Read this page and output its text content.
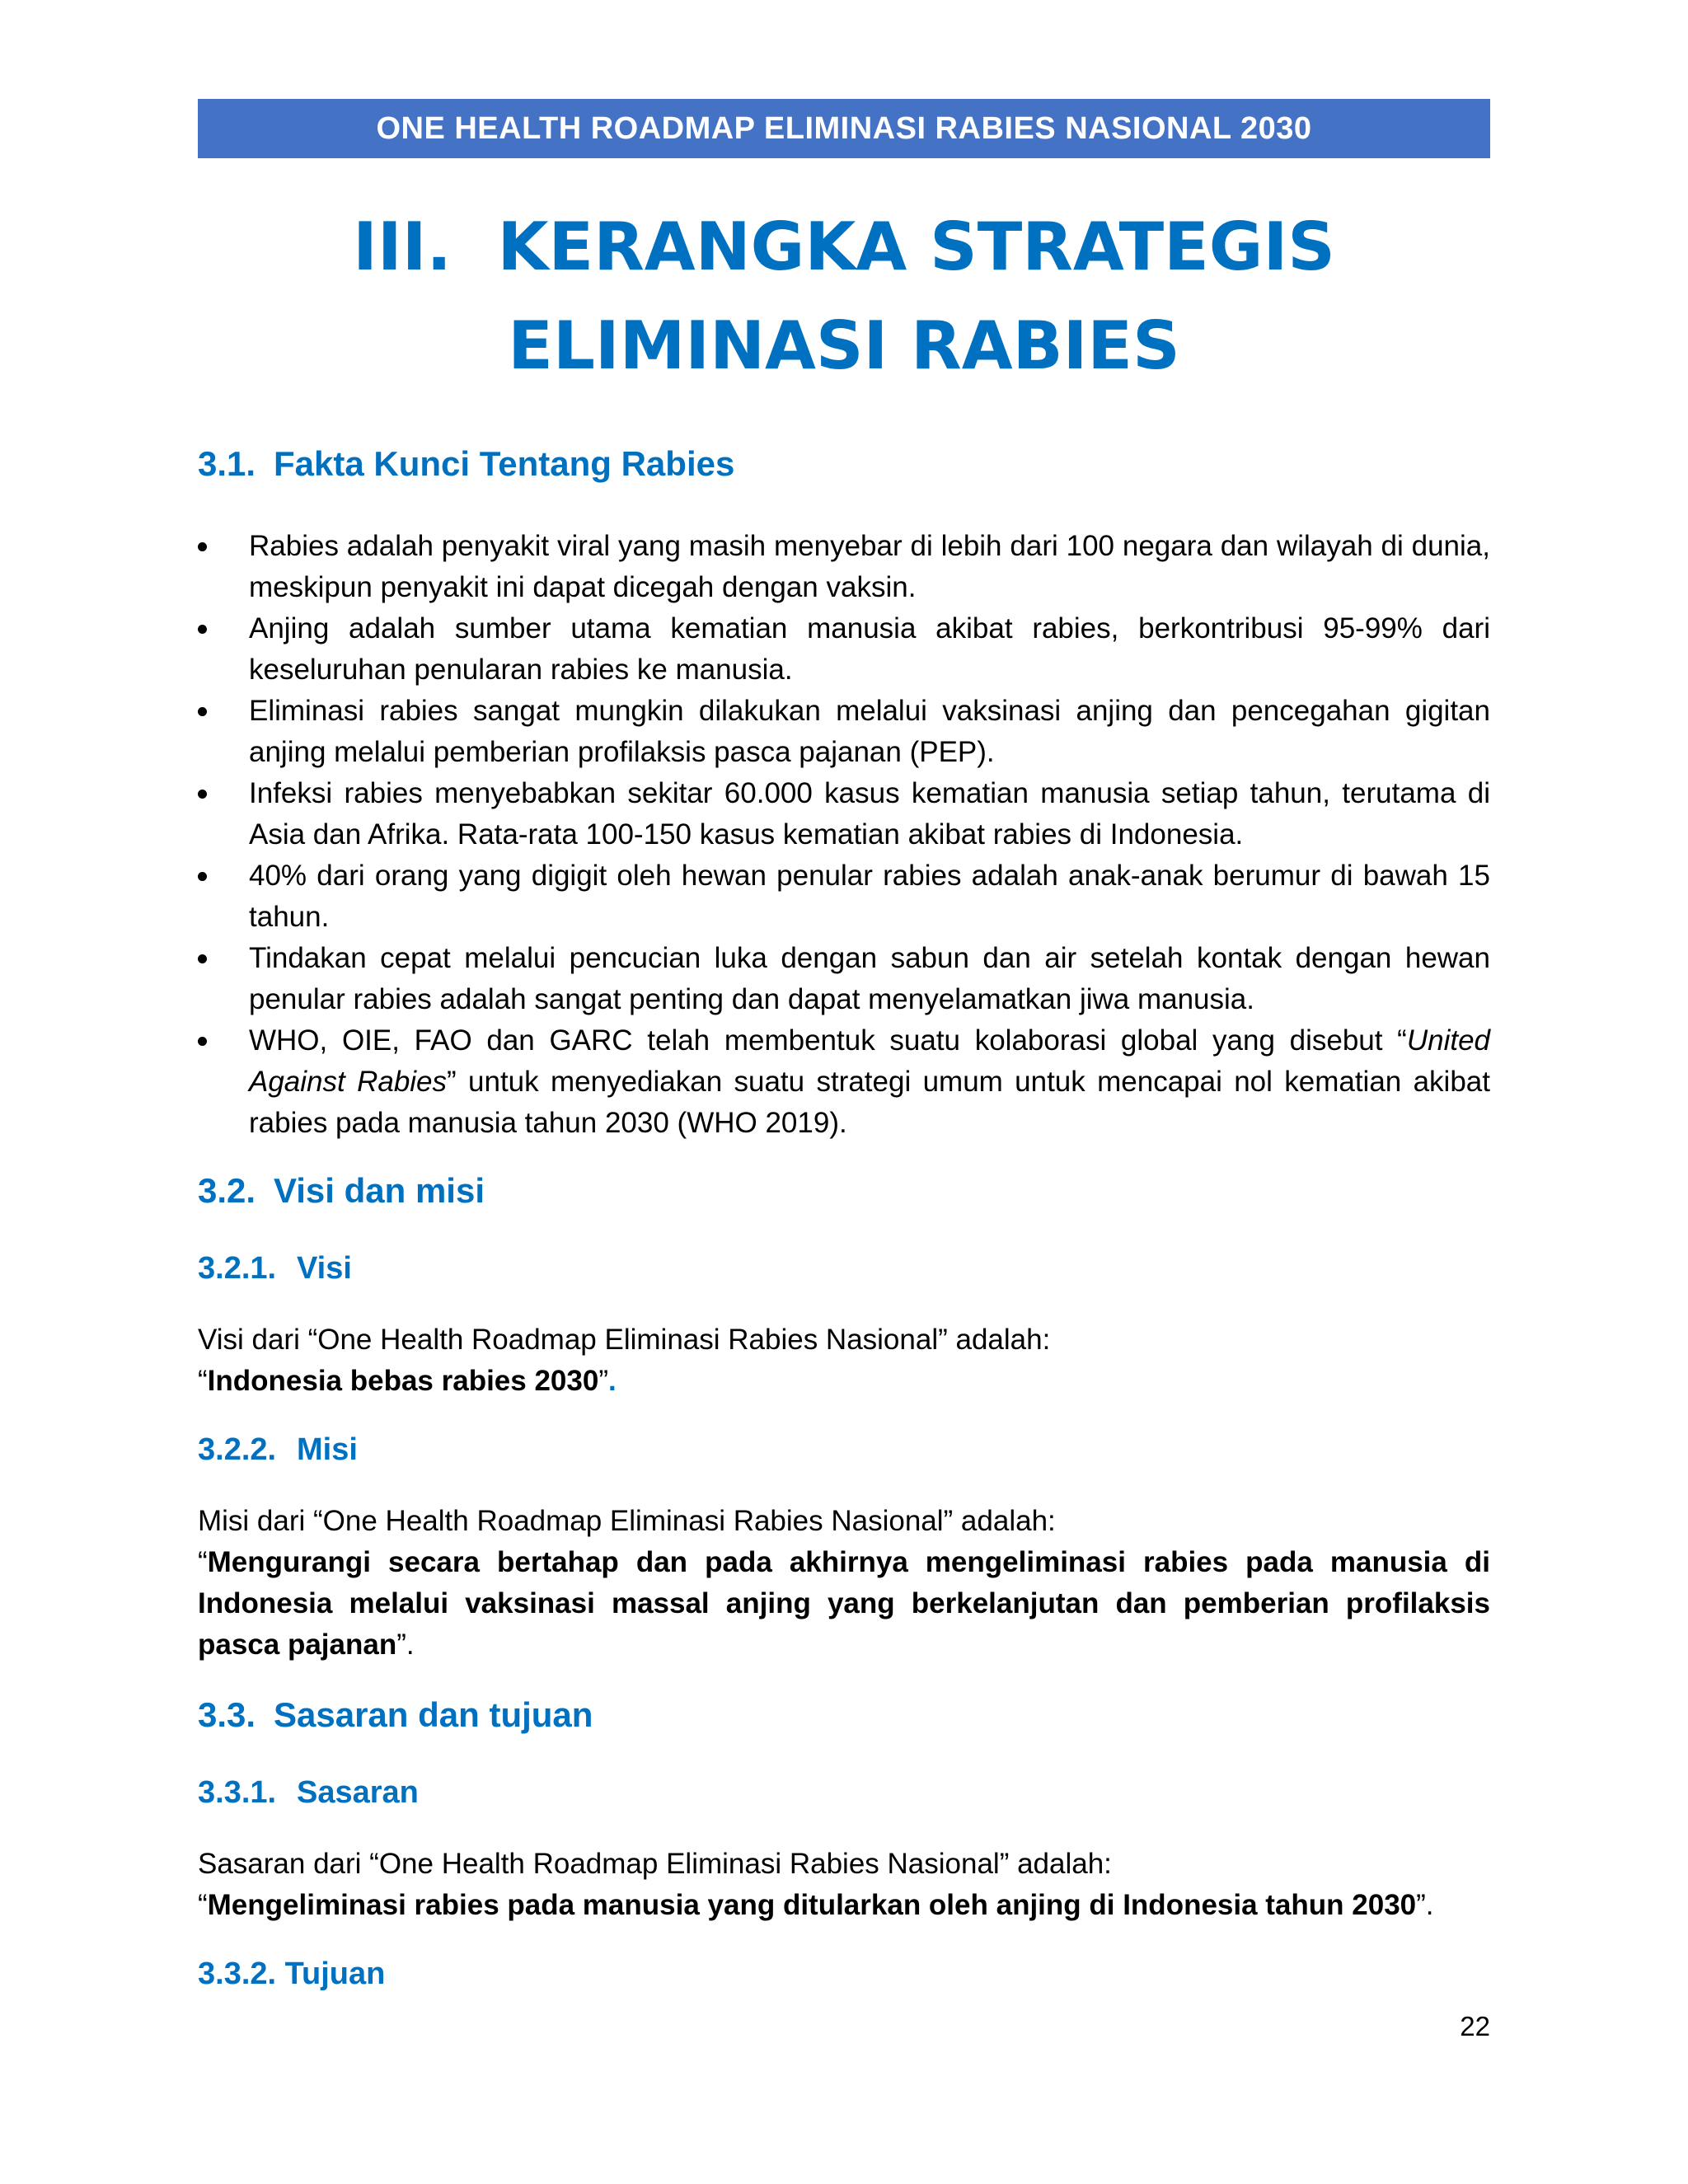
ONE HEALTH ROADMAP ELIMINASI RABIES NASIONAL 2030
III.  KERANGKA STRATEGIS
ELIMINASI RABIES
3.1. Fakta Kunci Tentang Rabies
Rabies adalah penyakit viral yang masih menyebar di lebih dari 100 negara dan wilayah di dunia, meskipun penyakit ini dapat dicegah dengan vaksin.
Anjing adalah sumber utama kematian manusia akibat rabies, berkontribusi 95-99% dari keseluruhan penularan rabies ke manusia.
Eliminasi rabies sangat mungkin dilakukan melalui vaksinasi anjing dan pencegahan gigitan anjing melalui pemberian profilaksis pasca pajanan (PEP).
Infeksi rabies menyebabkan sekitar 60.000 kasus kematian manusia setiap tahun, terutama di Asia dan Afrika. Rata-rata 100-150 kasus kematian akibat rabies di Indonesia.
40% dari orang yang digigit oleh hewan penular rabies adalah anak-anak berumur di bawah 15 tahun.
Tindakan cepat melalui pencucian luka dengan sabun dan air setelah kontak dengan hewan penular rabies adalah sangat penting dan dapat menyelamatkan jiwa manusia.
WHO, OIE, FAO dan GARC telah membentuk suatu kolaborasi global yang disebut “United Against Rabies” untuk menyediakan suatu strategi umum untuk mencapai nol kematian akibat rabies pada manusia tahun 2030 (WHO 2019).
3.2. Visi dan misi
3.2.1. Visi
Visi dari “One Health Roadmap Eliminasi Rabies Nasional” adalah:
“Indonesia bebas rabies 2030”.
3.2.2. Misi
Misi dari “One Health Roadmap Eliminasi Rabies Nasional” adalah:
“Mengurangi secara bertahap dan pada akhirnya mengeliminasi rabies pada manusia di Indonesia melalui vaksinasi massal anjing yang berkelanjutan dan pemberian profilaksis pasca pajanan”.
3.3. Sasaran dan tujuan
3.3.1. Sasaran
Sasaran dari “One Health Roadmap Eliminasi Rabies Nasional” adalah:
“Mengeliminasi rabies pada manusia yang ditularkan oleh anjing di Indonesia tahun 2030”.
3.3.2. Tujuan
22
